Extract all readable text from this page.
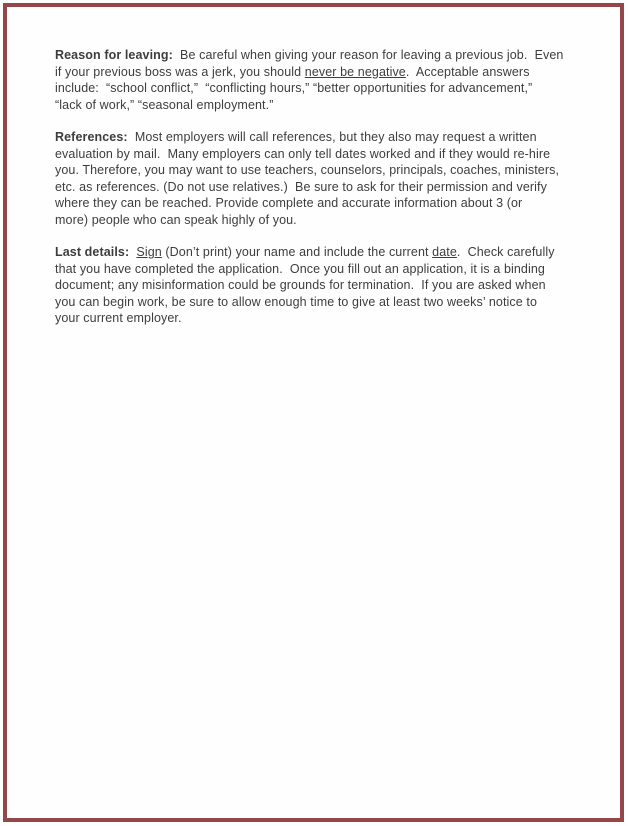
Reason for leaving:  Be careful when giving your reason for leaving a previous job.  Even
if your previous boss was a jerk, you should never be negative.  Acceptable answers
include:  “school conflict,”  “conflicting hours,” “better opportunities for advancement,”
“lack of work,” “seasonal employment.”

References:  Most employers will call references, but they also may request a written
evaluation by mail.  Many employers can only tell dates worked and if they would re-hire
you. Therefore, you may want to use teachers, counselors, principals, coaches, ministers,
etc. as references. (Do not use relatives.)  Be sure to ask for their permission and verify
where they can be reached. Provide complete and accurate information about 3 (or
more) people who can speak highly of you.

Last details: Sign (Don’t print) your name and include the current date.  Check carefully
that you have completed the application.  Once you fill out an application, it is a binding
document; any misinformation could be grounds for termination.  If you are asked when
you can begin work, be sure to allow enough time to give at least two weeks’ notice to
your current employer.
